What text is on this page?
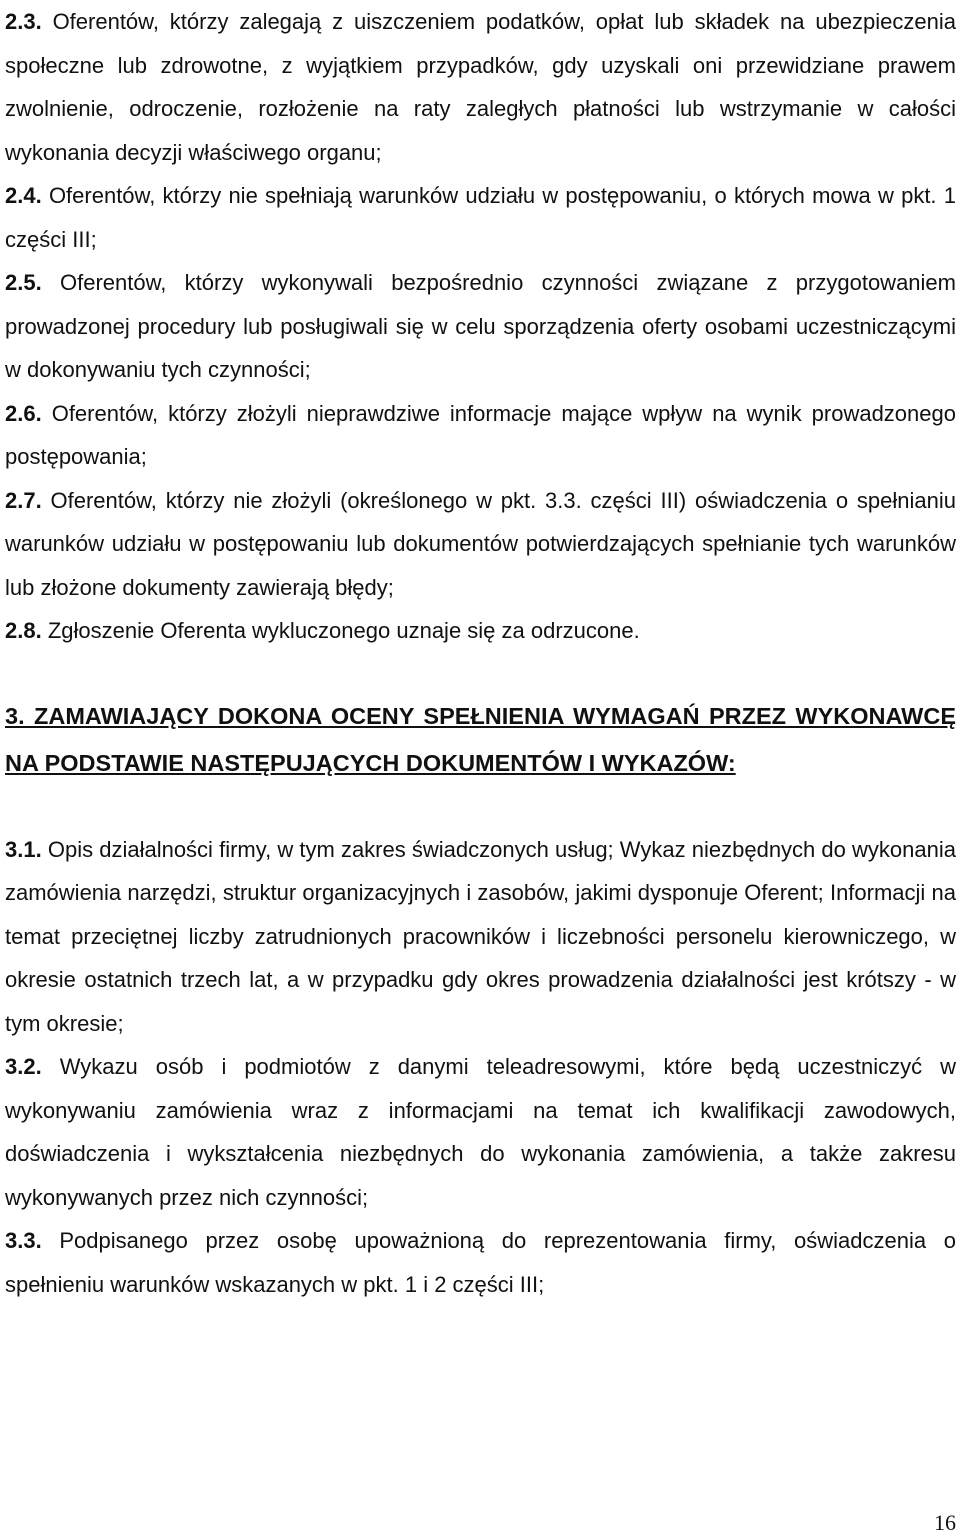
2.3. Oferentów, którzy zalegają z uiszczeniem podatków, opłat lub składek na ubezpieczenia społeczne lub zdrowotne, z wyjątkiem przypadków, gdy uzyskali oni przewidziane prawem zwolnienie, odroczenie, rozłożenie na raty zaległych płatności lub wstrzymanie w całości wykonania decyzji właściwego organu;

2.4. Oferentów, którzy nie spełniają warunków udziału w postępowaniu, o których mowa w pkt. 1 części III;

2.5. Oferentów, którzy wykonywali bezpośrednio czynności związane z przygotowaniem prowadzonej procedury lub posługiwali się w celu sporządzenia oferty osobami uczestniczącymi w dokonywaniu tych czynności;

2.6. Oferentów, którzy złożyli nieprawdziwe informacje mające wpływ na wynik prowadzonego postępowania;

2.7. Oferentów, którzy nie złożyli (określonego w pkt. 3.3. części III) oświadczenia o spełnianiu warunków udziału w postępowaniu lub dokumentów potwierdzających spełnianie tych warunków lub złożone dokumenty zawierają błędy;

2.8. Zgłoszenie Oferenta wykluczonego uznaje się za odrzucone.

3. ZAMAWIAJĄCY DOKONA OCENY SPEŁNIENIA WYMAGAŃ PRZEZ WYKONAWCĘ NA PODSTAWIE NASTĘPUJĄCYCH DOKUMENTÓW I WYKAZÓW:

3.1. Opis działalności firmy, w tym zakres świadczonych usług; Wykaz niezbędnych do wykonania zamówienia narzędzi, struktur organizacyjnych i zasobów, jakimi dysponuje Oferent; Informacji na temat przeciętnej liczby zatrudnionych pracowników i liczebności personelu kierowniczego, w okresie ostatnich trzech lat, a w przypadku gdy okres prowadzenia działalności jest krótszy - w tym okresie;

3.2. Wykazu osób i podmiotów z danymi teleadresowymi, które będą uczestniczyć w wykonywaniu zamówienia wraz z informacjami na temat ich kwalifikacji zawodowych, doświadczenia i wykształcenia niezbędnych do wykonania zamówienia, a także zakresu wykonywanych przez nich czynności;

3.3. Podpisanego przez osobę upoważnioną do reprezentowania firmy, oświadczenia o spełnieniu warunków wskazanych w pkt. 1 i 2 części III;

16
